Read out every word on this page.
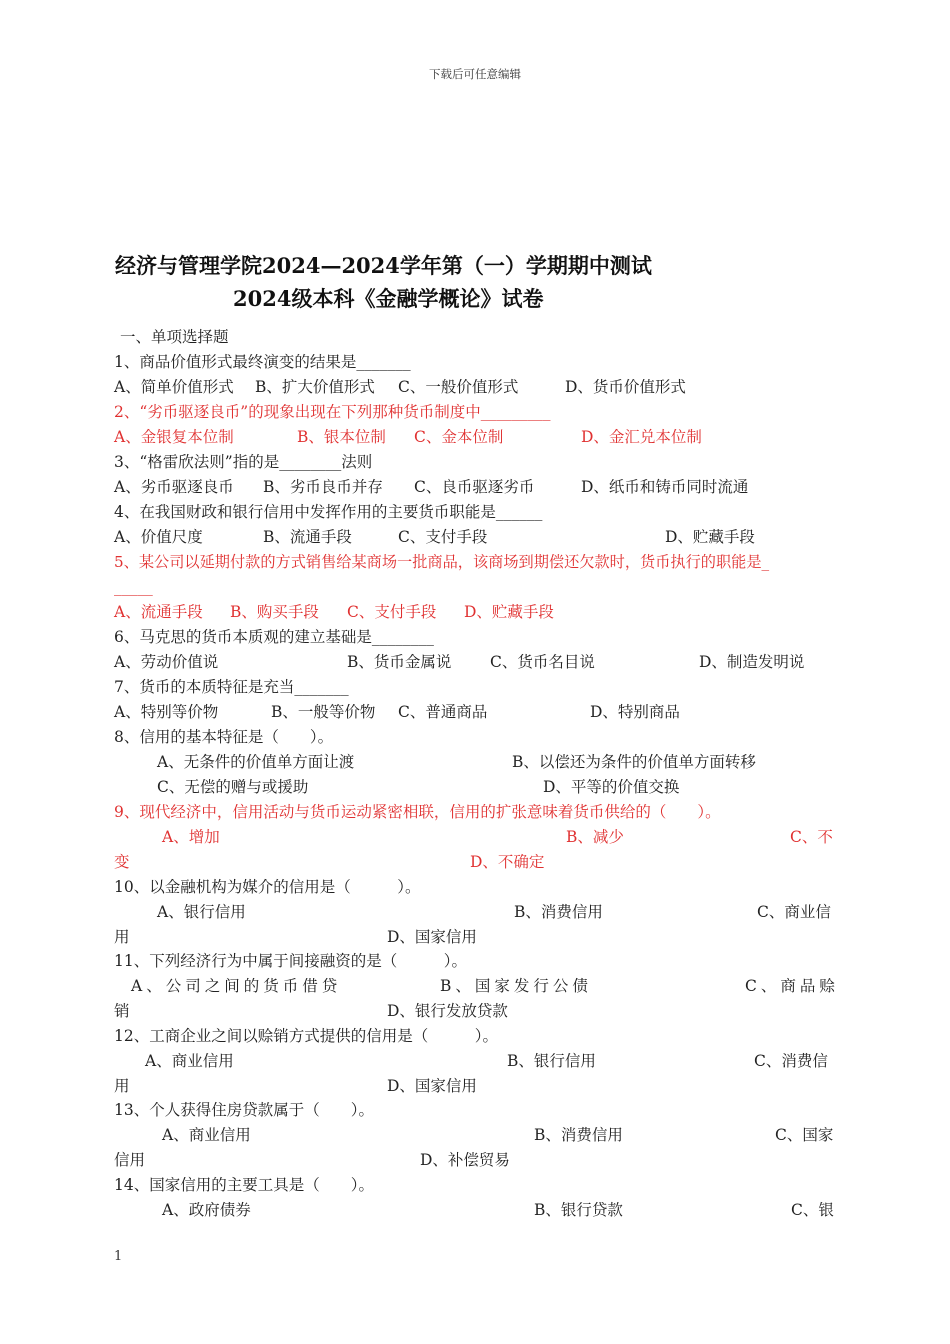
下载后可任意编辑
经济与管理学院2024—2024学年第（一）学期期中测试
2024级本科《金融学概论》试卷
一、单项选择题
1、商品价值形式最终演变的结果是_______
A、简单价值形式 B、扩大价值形式 C、一般价值形式	D、货币价值形式
2、“劣币驱逐良币”的现象出现在下列那种货币制度中_________
A、金银复本位制	B、银本位制 C、金本位制	D、金汇兑本位制
3、“格雷欣法则”指的是________法则
A、劣币驱逐良币 B、劣币良币并存 C、良币驱逐劣币	D、纸币和铸币同时流通
4、在我国财政和银行信用中发挥作用的主要货币职能是______
A、价值尺度	B、流通手段	C、支付手段	D、贮藏手段
5、某公司以延期付款的方式销售给某商场一批商品，该商场到期偿还欠款时，货币执行的职能是_
_____
A、流通手段 B、购买手段 C、支付手段 D、贮藏手段
6、马克思的货币本质观的建立基础是________
A、劳动价值说	B、货币金属说 C、货币名目说	D、制造发明说
7、货币的本质特征是充当_______
A、特别等价物	B、一般等价物 C、普通商品	D、特别商品
8、信用的基本特征是（　　）。
A、无条件的价值单方面让渡	B、以偿还为条件的价值单方面转移
C、无偿的赠与或援助	D、平等的价值交换
9、现代经济中，信用活动与货币运动紧密相联，信用的扩张意味着货币供给的（　　）。
A、增加	B、减少	C、不
变	D、不确定
10、以金融机构为媒介的信用是（　　　）。
A、银行信用	B、消费信用	C、商业信
用	D、国家信用
11、下列经济行为中属于间接融资的是（　　　）。
A、公司之间的货币借贷	B、国家发行公债	C、商品赊
销	D、银行发放贷款
12、工商企业之间以赊销方式提供的信用是（　　　）。
A、商业信用	B、银行信用	C、消费信
用	D、国家信用
13、个人获得住房贷款属于（　　）。
A、商业信用	B、消费信用	C、国家
信用	D、补偿贸易
14、国家信用的主要工具是（　　）。
A、政府债券	B、银行贷款	C、银
1
